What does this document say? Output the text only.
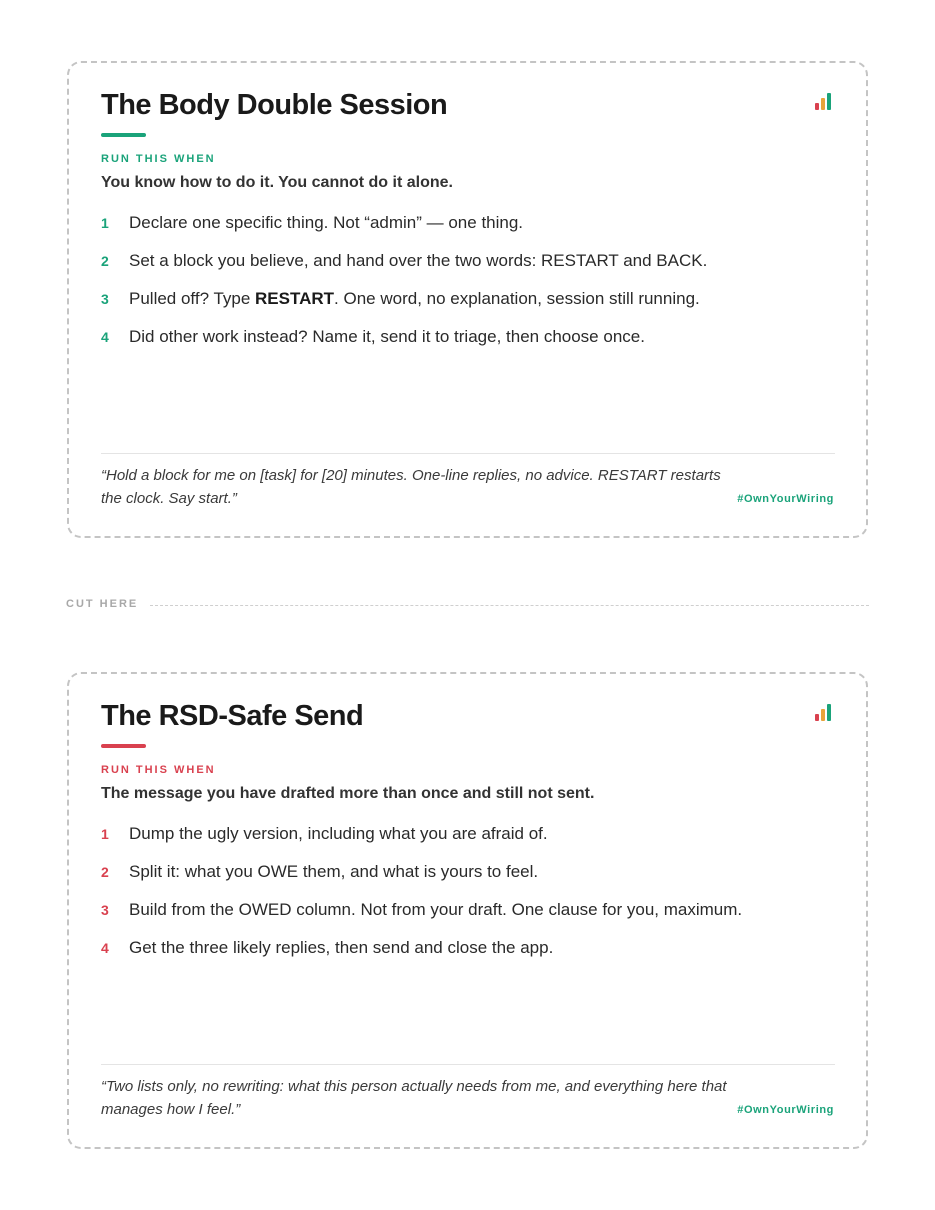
The Body Double Session
RUN THIS WHEN
You know how to do it. You cannot do it alone.
1 Declare one specific thing. Not “admin” — one thing.
2 Set a block you believe, and hand over the two words: RESTART and BACK.
3 Pulled off? Type RESTART. One word, no explanation, session still running.
4 Did other work instead? Name it, send it to triage, then choose once.
“Hold a block for me on [task] for [20] minutes. One-line replies, no advice. RESTART restarts the clock. Say start.”	#OwnYourWiring
CUT HERE
The RSD-Safe Send
RUN THIS WHEN
The message you have drafted more than once and still not sent.
1 Dump the ugly version, including what you are afraid of.
2 Split it: what you OWE them, and what is yours to feel.
3 Build from the OWED column. Not from your draft. One clause for you, maximum.
4 Get the three likely replies, then send and close the app.
“Two lists only, no rewriting: what this person actually needs from me, and everything here that manages how I feel.”	#OwnYourWiring
